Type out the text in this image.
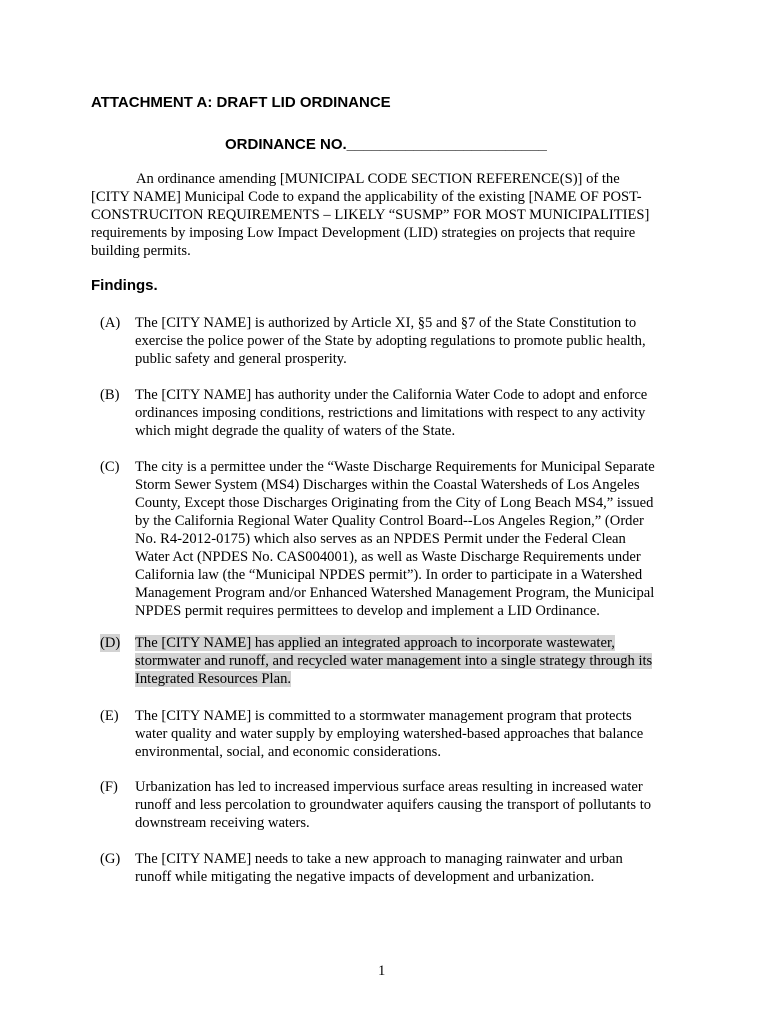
ATTACHMENT A: DRAFT LID ORDINANCE
ORDINANCE NO.________________________
An ordinance amending [MUNICIPAL CODE SECTION REFERENCE(S)] of the
[CITY NAME] Municipal Code to expand the applicability of the existing [NAME OF POST-
CONSTRUCITON REQUIREMENTS – LIKELY “SUSMP” FOR MOST MUNICIPALITIES]
requirements by imposing Low Impact Development (LID) strategies on projects that require
building permits.
Findings.
(A) The [CITY NAME] is authorized by Article XI, §5 and §7 of the State Constitution to
exercise the police power of the State by adopting regulations to promote public health,
public safety and general prosperity.
(B) The [CITY NAME] has authority under the California Water Code to adopt and enforce
ordinances imposing conditions, restrictions and limitations with respect to any activity
which might degrade the quality of waters of the State.
(C) The city is a permittee under the “Waste Discharge Requirements for Municipal Separate
Storm Sewer System (MS4) Discharges within the Coastal Watersheds of Los Angeles
County, Except those Discharges Originating from the City of Long Beach MS4,” issued
by the California Regional Water Quality Control Board--Los Angeles Region,” (Order
No. R4-2012-0175) which also serves as an NPDES Permit under the Federal Clean
Water Act (NPDES No. CAS004001), as well as Waste Discharge Requirements under
California law (the “Municipal NPDES permit”). In order to participate in a Watershed
Management Program and/or Enhanced Watershed Management Program, the Municipal
NPDES permit requires permittees to develop and implement a LID Ordinance.
(D) The [CITY NAME] has applied an integrated approach to incorporate wastewater,
stormwater and runoff, and recycled water management into a single strategy through its
Integrated Resources Plan.
(E) The [CITY NAME] is committed to a stormwater management program that protects
water quality and water supply by employing watershed-based approaches that balance
environmental, social, and economic considerations.
(F) Urbanization has led to increased impervious surface areas resulting in increased water
runoff and less percolation to groundwater aquifers causing the transport of pollutants to
downstream receiving waters.
(G) The [CITY NAME] needs to take a new approach to managing rainwater and urban
runoff while mitigating the negative impacts of development and urbanization.
1
